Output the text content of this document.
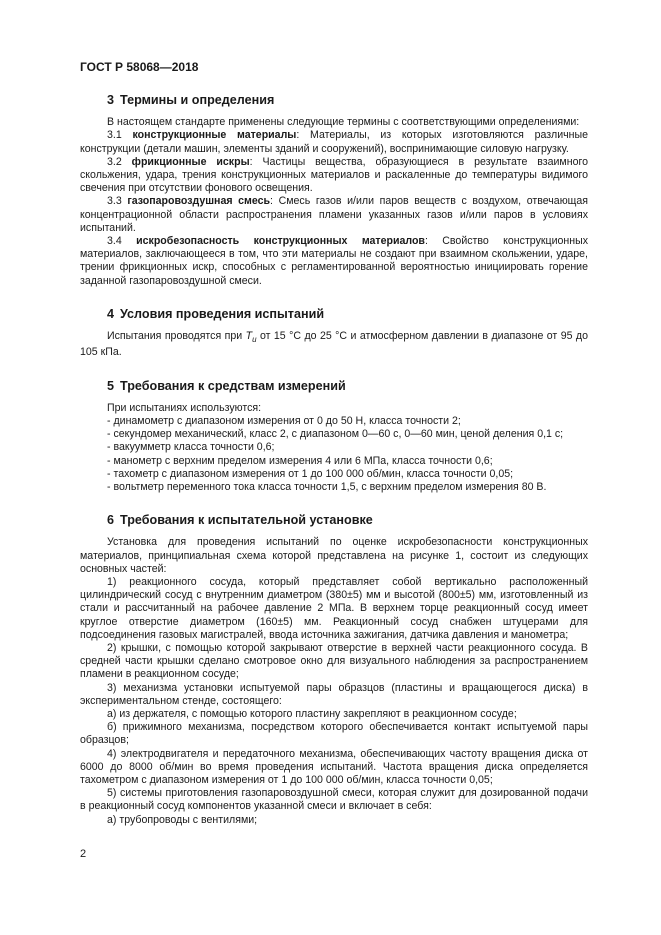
ГОСТ Р 58068—2018
3 Термины и определения

В настоящем стандарте применены следующие термины с соответствующими определениями:

3.1 конструкционные материалы: Материалы, из которых изготовляются различные конструкции (детали машин, элементы зданий и сооружений), воспринимающие силовую нагрузку.

3.2 фрикционные искры: Частицы вещества, образующиеся в результате взаимного скольжения, удара, трения конструкционных материалов и раскаленные до температуры видимого свечения при отсутствии фонового освещения.

3.3 газопаровоздушная смесь: Смесь газов и/или паров веществ с воздухом, отвечающая концентрационной области распространения пламени указанных газов и/или паров в условиях испытаний.

3.4 искробезопасность конструкционных материалов: Свойство конструкционных материалов, заключающееся в том, что эти материалы не создают при взаимном скольжении, ударе, трении фрикционных искр, способных с регламентированной вероятностью инициировать горение заданной газопаровоздушной смеси.

4 Условия проведения испытаний

Испытания проводятся при $T_и$ от 15 °С до 25 °С и атмосферном давлении в диапазоне от 95 до 105 кПа.

5 Требования к средствам измерений

При испытаниях используются:

- динамометр с диапазоном измерения от 0 до 50 Н, класса точности 2;
- секундомер механический, класс 2, с диапазоном 0—60 с, 0—60 мин, ценой деления 0,1 с;
- вакуумметр класса точности 0,6;
- манометр с верхним пределом измерения 4 или 6 МПа, класса точности 0,6;
- тахометр с диапазоном измерения от 1 до 100 000 об/мин, класса точности 0,05;
- вольтметр переменного тока класса точности 1,5, с верхним пределом измерения 80 В.
6 Требования к испытательной установке

Установка для проведения испытаний по оценке искробезопасности конструкционных материалов, принципиальная схема которой представлена на рисунке 1, состоит из следующих основных частей:

1) реакционного сосуда, который представляет собой вертикально расположенный цилиндрический сосуд с внутренним диаметром (380±5) мм и высотой (800±5) мм, изготовленный из стали и рассчитанный на рабочее давление 2 МПа. В верхнем торце реакционный сосуд имеет круглое отверстие диаметром (160±5) мм. Реакционный сосуд снабжен штуцерами для подсоединения газовых магистралей, ввода источника зажигания, датчика давления и манометра;

2) крышки, с помощью которой закрывают отверстие в верхней части реакционного сосуда. В средней части крышки сделано смотровое окно для визуального наблюдения за распространением пламени в реакционном сосуде;

3) механизма установки испытуемой пары образцов (пластины и вращающегося диска) в экспериментальном стенде, состоящего:

а) из держателя, с помощью которого пластину закрепляют в реакционном сосуде;

б) прижимного механизма, посредством которого обеспечивается контакт испытуемой пары образцов;

4) электродвигателя и передаточного механизма, обеспечивающих частоту вращения диска от 6000 до 8000 об/мин во время проведения испытаний. Частота вращения диска определяется тахометром с диапазоном измерения от 1 до 100 000 об/мин, класса точности 0,05;

5) системы приготовления газопаровоздушной смеси, которая служит для дозированной подачи в реакционный сосуд компонентов указанной смеси и включает в себя:

а) трубопроводы с вентилями;

2
